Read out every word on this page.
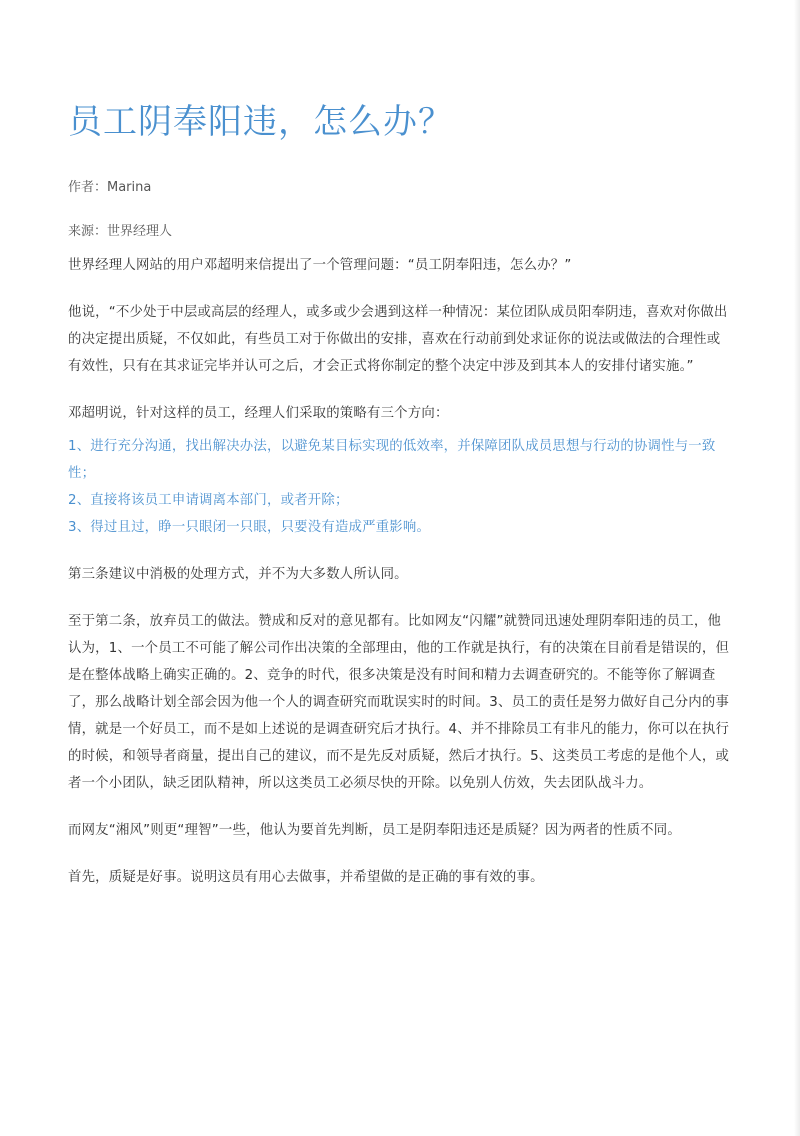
员工阴奉阳违，怎么办？
作者：Marina
来源：世界经理人

世界经理人网站的用户邓超明来信提出了一个管理问题：“员工阴奉阳违，怎么办？”

他说，“不少处于中层或高层的经理人，或多或少会遇到这样一种情况：某位团队成员阳奉阴违，喜欢对你做出的决定提出质疑，不仅如此，有些员工对于你做出的安排，喜欢在行动前到处求证你的说法或做法的合理性或有效性，只有在其求证完毕并认可之后，才会正式将你制定的整个决定中涉及到其本人的安排付诸实施。”

邓超明说，针对这样的员工，经理人们采取的策略有三个方向：

1、进行充分沟通，找出解决办法，以避免某目标实现的低效率，并保障团队成员思想与行动的协调性与一致性；

2、直接将该员工申请调离本部门，或者开除；

3、得过且过，睁一只眼闭一只眼，只要没有造成严重影响。

第三条建议中消极的处理方式，并不为大多数人所认同。

至于第二条，放弃员工的做法。赞成和反对的意见都有。比如网友“闪耀”就赞同迅速处理阴奉阳违的员工，他认为，1、一个员工不可能了解公司作出决策的全部理由，他的工作就是执行，有的决策在目前看是错误的，但是在整体战略上确实正确的。2、竞争的时代，很多决策是没有时间和精力去调查研究的。不能等你了解调查了，那么战略计划全部会因为他一个人的调查研究而耽误实时的时间。3、员工的责任是努力做好自己分内的事情，就是一个好员工，而不是如上述说的是调查研究后才执行。4、并不排除员工有非凡的能力，你可以在执行的时候，和领导者商量，提出自己的建议，而不是先反对质疑，然后才执行。5、这类员工考虑的是他个人，或者一个小团队，缺乏团队精神，所以这类员工必须尽快的开除。以免别人仿效，失去团队战斗力。

而网友“湘风”则更“理智”一些，他认为要首先判断，员工是阴奉阳违还是质疑？因为两者的性质不同。

首先，质疑是好事。说明这员有用心去做事，并希望做的是正确的事有效的事。
